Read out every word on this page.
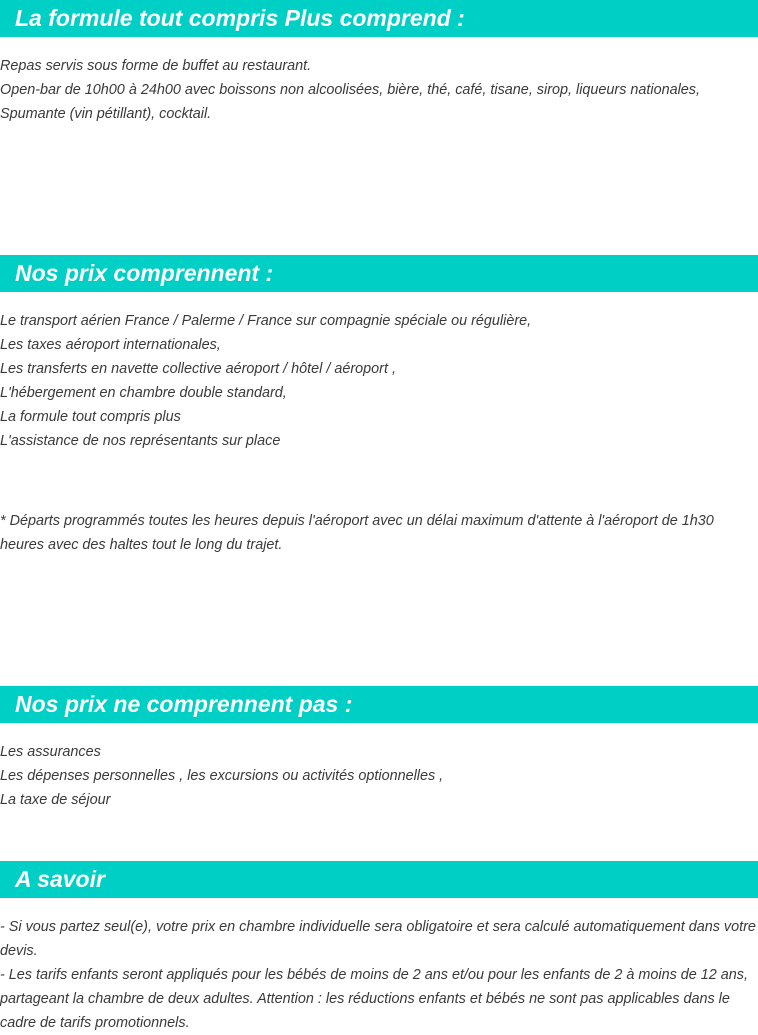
La formule tout compris Plus comprend :
Repas servis sous forme de buffet au restaurant.
Open-bar de 10h00 à 24h00 avec boissons non alcoolisées, bière, thé, café, tisane, sirop, liqueurs nationales, Spumante (vin pétillant), cocktail.
Nos prix comprennent :
Le transport aérien France / Palerme / France sur compagnie spéciale ou régulière,
Les taxes aéroport internationales,
Les transferts en navette collective aéroport / hôtel / aéroport ,
L'hébergement en chambre double standard,
La formule tout compris plus
L'assistance de nos représentants sur place
* Départs programmés toutes les heures depuis l'aéroport avec un délai maximum d'attente à l'aéroport de 1h30 heures avec des haltes tout le long du trajet.
Nos prix ne comprennent pas :
Les assurances
Les dépenses personnelles , les excursions ou activités optionnelles ,
La taxe de séjour
A savoir
- Si vous partez seul(e), votre prix en chambre individuelle sera obligatoire et sera calculé automatiquement dans votre devis.
- Les tarifs enfants seront appliqués pour les bébés de moins de 2 ans et/ou pour les enfants de 2 à moins de 12 ans, partageant la chambre de deux adultes. Attention : les réductions enfants et bébés ne sont pas applicables dans le cadre de tarifs promotionnels.
